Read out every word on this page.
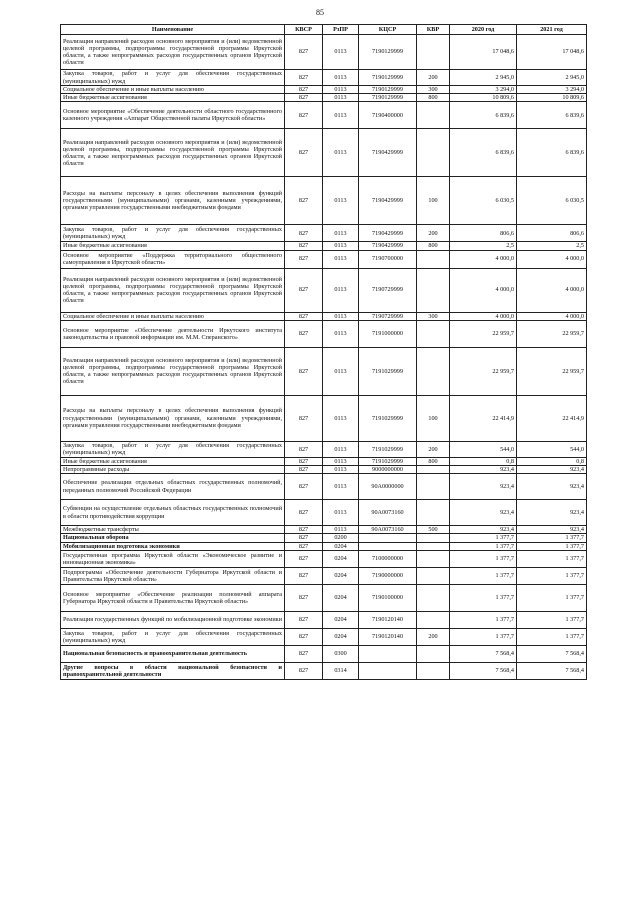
85
Наименование	КВСР	РзПР	КЦСР	КВР	2020 год	2021 год
Реализация направлений расходов основного мероприятия и (или) ведомственной целевой программы, подпрограммы государственной программы Иркутской области, а также непрограммных расходов государственных органов Иркутской области	827	0113	7190129999		17 048,6	17 048,6
Закупка товаров, работ и услуг для обеспечения государственных (муниципальных) нужд	827	0113	7190129999	200	2 945,0	2 945,0
Социальное обеспечение и иные выплаты населению	827	0113	7190129999	300	3 294,0	3 294,0
Иные бюджетные ассигнования	827	0113	7190129999	800	10 809,6	10 809,6
Основное мероприятие «Обеспечение деятельности областного государственного казенного учреждения «Аппарат Общественной палаты Иркутской области»	827	0113	7190400000		6 839,6	6 839,6
Реализация направлений расходов основного мероприятия и (или) ведомственной целевой программы, подпрограммы государственной программы Иркутской области, а также непрограммных расходов государственных органов Иркутской области	827	0113	7190429999		6 839,6	6 839,6
Расходы на выплаты персоналу в целях обеспечения выполнения функций государственными (муниципальными) органами, казенными учреждениями, органами управления государственными внебюджетными фондами	827	0113	7190429999	100	6 030,5	6 030,5
Закупка товаров, работ и услуг для обеспечения государственных (муниципальных) нужд	827	0113	7190429999	200	806,6	806,6
Иные бюджетные ассигнования	827	0113	7190429999	800	2,5	2,5
Основное мероприятие «Поддержка территориального общественного самоуправления в Иркутской области»	827	0113	7190700000		4 000,0	4 000,0
Реализация направлений расходов основного мероприятия и (или) ведомственной целевой программы, подпрограммы государственной программы Иркутской области, а также непрограммных расходов государственных органов Иркутской области	827	0113	7190729999		4 000,0	4 000,0
Социальное обеспечение и иные выплаты населению	827	0113	7190729999	300	4 000,0	4 000,0
Основное мероприятие «Обеспечение деятельности Иркутского института законодательства и правовой информации им. М.М. Сперанского»	827	0113	7191000000		22 959,7	22 959,7
Реализация направлений расходов основного мероприятия и (или) ведомственной целевой программы, подпрограммы государственной программы Иркутской области, а также непрограммных расходов государственных органов Иркутской области	827	0113	7191029999		22 959,7	22 959,7
Расходы на выплаты персоналу в целях обеспечения выполнения функций государственными (муниципальными) органами, казенными учреждениями, органами управления государственными внебюджетными фондами	827	0113	7191029999	100	22 414,9	22 414,9
Закупка товаров, работ и услуг для обеспечения государственных (муниципальных) нужд	827	0113	7191029999	200	544,0	544,0
Иные бюджетные ассигнования	827	0113	7191029999	800	0,8	0,8
Непрограммные расходы	827	0113	9000000000		923,4	923,4
Обеспечение реализации отдельных областных государственных полномочий, переданных полномочий Российской Федерации	827	0113	90А0000000		923,4	923,4
Субвенции на осуществление отдельных областных государственных полномочий в области противодействия коррупции	827	0113	90А0073160		923,4	923,4
Межбюджетные трансферты	827	0113	90А0073160	500	923,4	923,4
Национальная оборона	827	0200			1 377,7	1 377,7
Мобилизационная подготовка экономики	827	0204			1 377,7	1 377,7
Государственная программа Иркутской области «Экономическое развитие и инновационная экономика»	827	0204	7100000000		1 377,7	1 377,7
Подпрограмма «Обеспечение деятельности Губернатора Иркутской области и Правительства Иркутской области»	827	0204	7190000000		1 377,7	1 377,7
Основное мероприятие «Обеспечение реализации полномочий аппарата Губернатора Иркутской области и Правительства Иркутской области»	827	0204	7190100000		1 377,7	1 377,7
Реализация государственных функций по мобилизационной подготовке экономики	827	0204	7190120140		1 377,7	1 377,7
Закупка товаров, работ и услуг для обеспечения государственных (муниципальных) нужд	827	0204	7190120140	200	1 377,7	1 377,7
Национальная безопасность и правоохранительная деятельность	827	0300			7 568,4	7 568,4
Другие вопросы в области национальной безопасности и правоохранительной деятельности	827	0314			7 568,4	7 568,4
